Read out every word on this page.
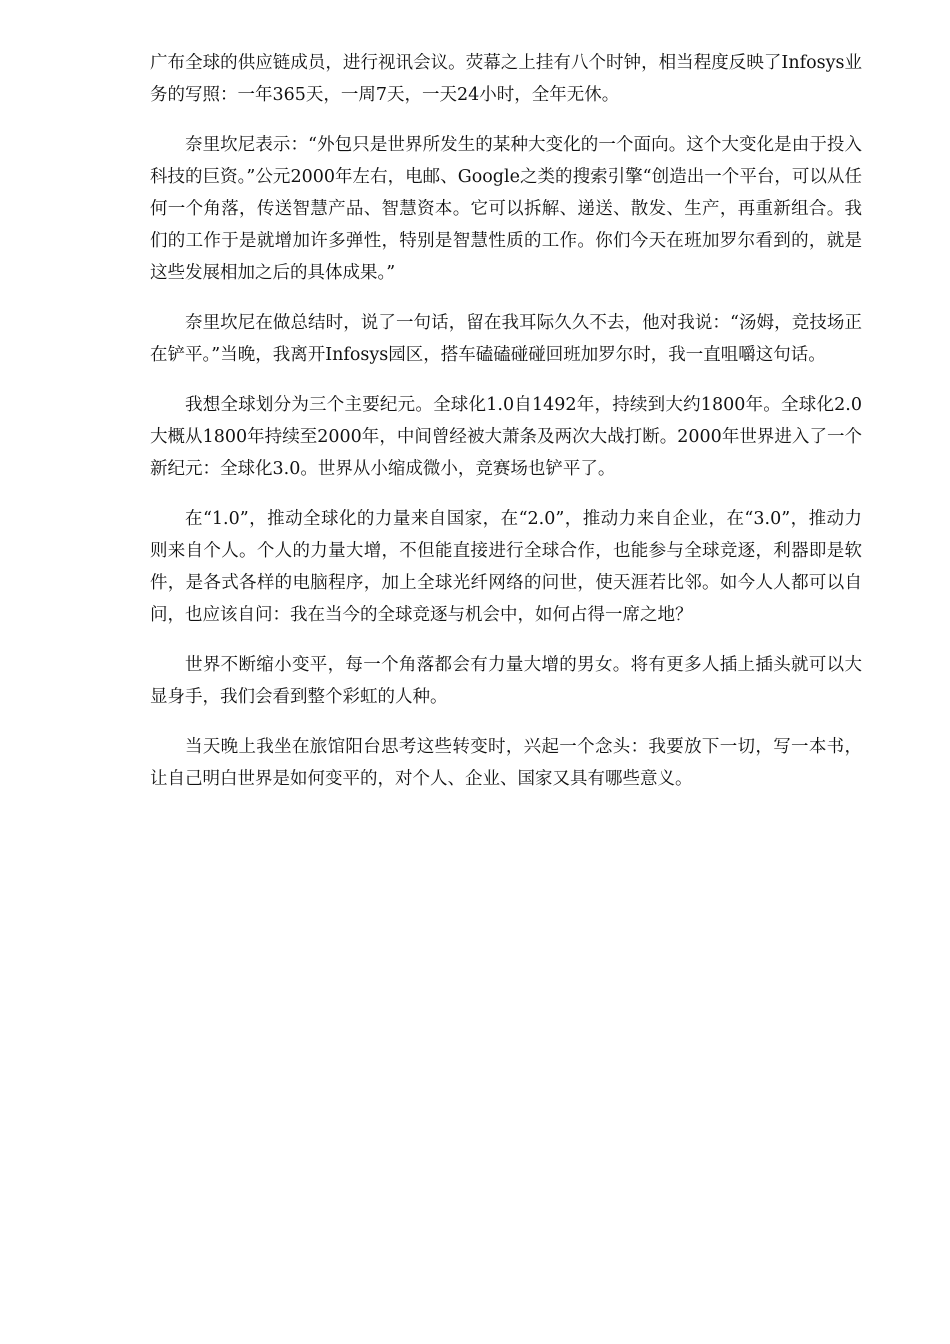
广布全球的供应链成员，进行视讯会议。荧幕之上挂有八个时钟，相当程度反映了Infosys业务的写照：一年365天，一周7天，一天24小时，全年无休。

奈里坎尼表示：“外包只是世界所发生的某种大变化的一个面向。这个大变化是由于投入科技的巨资。”公元2000年左右，电邮、Google之类的搜索引擎“创造出一个平台，可以从任何一个角落，传送智慧产品、智慧资本。它可以拆解、递送、散发、生产，再重新组合。我们的工作于是就增加许多弹性，特别是智慧性质的工作。你们今天在班加罗尔看到的，就是这些发展相加之后的具体成果。”

奈里坎尼在做总结时，说了一句话，留在我耳际久久不去，他对我说：“汤姆，竞技场正在铲平。”当晚，我离开Infosys园区，搭车磕磕碰碰回班加罗尔时，我一直咀嚼这句话。

我想全球划分为三个主要纪元。全球化1.0自1492年，持续到大约1800年。全球化2.0大概从1800年持续至2000年，中间曾经被大萧条及两次大战打断。2000年世界进入了一个新纪元：全球化3.0。世界从小缩成微小，竞赛场也铲平了。

在“1.0”，推动全球化的力量来自国家，在“2.0”，推动力来自企业，在“3.0”，推动力则来自个人。个人的力量大增，不但能直接进行全球合作，也能参与全球竞逐，利器即是软件，是各式各样的电脑程序，加上全球光纤网络的问世，使天涯若比邻。如今人人都可以自问，也应该自问：我在当今的全球竞逐与机会中，如何占得一席之地？

世界不断缩小变平，每一个角落都会有力量大增的男女。将有更多人插上插头就可以大显身手，我们会看到整个彩虹的人种。

当天晚上我坐在旅馆阳台思考这些转变时，兴起一个念头：我要放下一切，写一本书，让自己明白世界是如何变平的，对个人、企业、国家又具有哪些意义。
